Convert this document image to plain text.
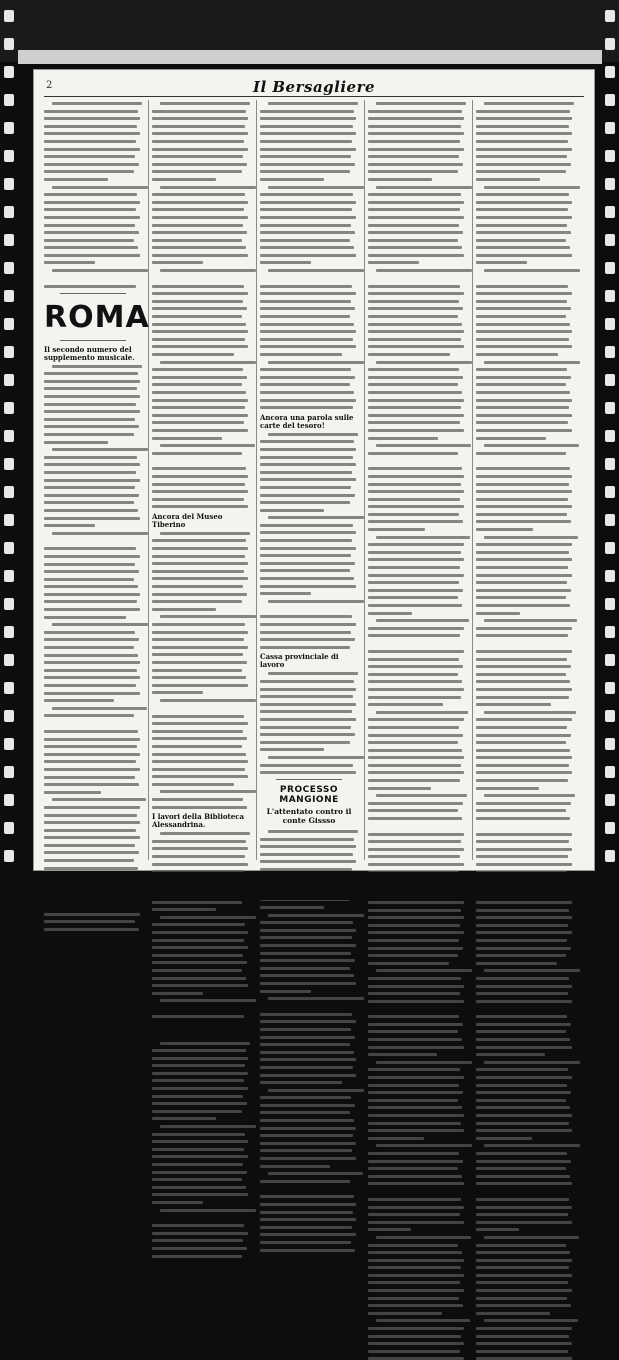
2	Il Bersagliere
ROMA
Il secondo numero del supplemento musicale.
Ancora del Museo Tiberino
I lavori della Biblioteca Alessandrina.
Società geografica italiana
Ancora una parola sulle carte del tesoro!
Cassa provinciale di lavoro
PROCESSO MANGIONE
L'attentato contro il conte Gissso
